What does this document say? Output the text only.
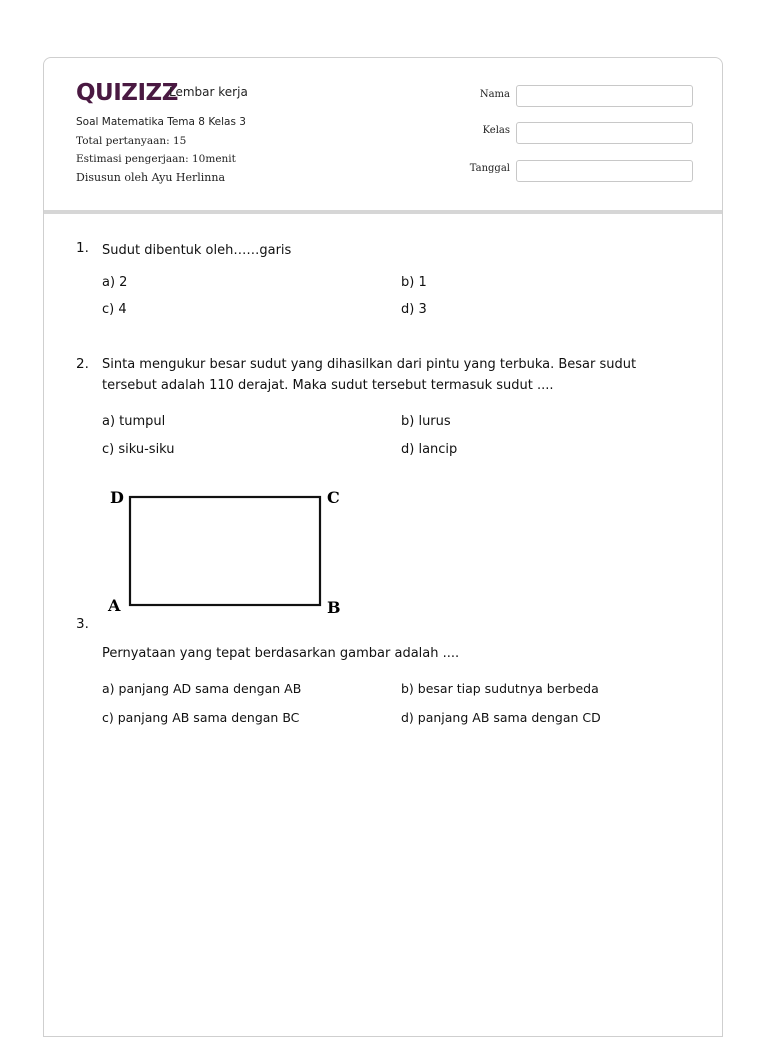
QUIZIZZ
Lembar kerja
Soal Matematika Tema 8 Kelas 3
Total pertanyaan: 15
Estimasi pengerjaan: 10menit
Disusun oleh Ayu Herlinna
Nama
Kelas
Tanggal
1. Sudut dibentuk oleh……garis
a) 2	b) 1
c) 4	d) 3
2. Sinta mengukur besar sudut yang dihasilkan dari pintu yang terbuka. Besar sudut tersebut adalah 110 derajat. Maka sudut tersebut termasuk sudut ....
a) tumpul	b) lurus
c) siku-siku	d) lancip
D	C
A	B
3.
Pernyataan yang tepat berdasarkan gambar adalah ....
a) panjang AD sama dengan AB	b) besar tiap sudutnya berbeda
c) panjang AB sama dengan BC	d) panjang AB sama dengan CD
